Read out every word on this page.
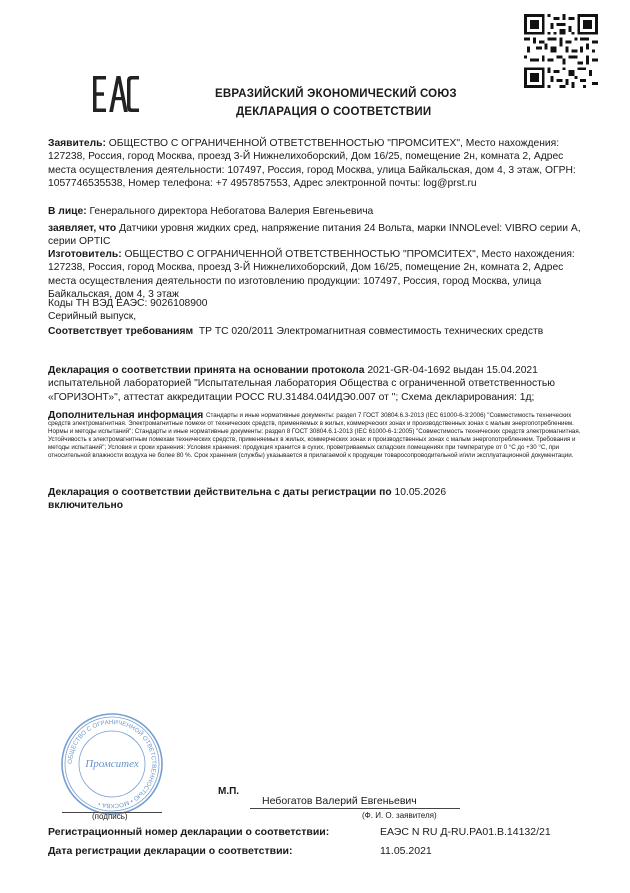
ЕВРАЗИЙСКИЙ ЭКОНОМИЧЕСКИЙ СОЮЗ
ДЕКЛАРАЦИЯ О СООТВЕТСТВИИ
Заявитель: ОБЩЕСТВО С ОГРАНИЧЕННОЙ ОТВЕТСТВЕННОСТЬЮ "ПРОМСИТЕХ", Место нахождения: 127238, Россия, город Москва, проезд 3-Й Нижнелихоборский, Дом 16/25, помещение 2н, комната 2, Адрес места осуществления деятельности: 107497, Россия, город Москва, улица Байкальская, дом 4, 3 этаж, ОГРН: 1057746535538, Номер телефона: +7 4957857553, Адрес электронной почты: log@prst.ru
В лице: Генерального директора Небогатова Валерия Евгеньевича
заявляет, что Датчики уровня жидких сред, напряжение питания 24 Вольта, марки INNOLevel: VIBRO серии А, серии OPTIC
Изготовитель: ОБЩЕСТВО С ОГРАНИЧЕННОЙ ОТВЕТСТВЕННОСТЬЮ "ПРОМСИТЕХ", Место нахождения: 127238, Россия, город Москва, проезд 3-Й Нижнелихоборский, Дом 16/25, помещение 2н, комната 2, Адрес места осуществления деятельности по изготовлению продукции: 107497, Россия, город Москва, улица Байкальская, дом 4, 3 этаж
Коды ТН ВЭД ЕАЭС: 9026108900
Серийный выпуск,
Соответствует требованиям ТР ТС 020/2011 Электромагнитная совместимость технических средств
Декларация о соответствии принята на основании протокола 2021-GR-04-1692 выдан 15.04.2021 испытательной лабораторией "Испытательная лаборатория Общества с ограниченной ответственностью «ГОРИЗОНТ»", аттестат аккредитации РОСС RU.31484.04ИДЭ0.007 от "; Схема декларирования: 1д;
Дополнительная информация Стандарты и иные нормативные документы: раздел 7 ГОСТ 30804.6.3-2013 (IEC 61000-6-3:2006) "Совместимость технических средств электромагнитная. Электромагнитные помехи от технических средств, применяемых в жилых, коммерческих зонах и производственных зонах с малым энергопотреблением. Нормы и методы испытаний"; Стандарты и иные нормативные документы: раздел 8 ГОСТ 30804.6.1-2013 (IEC 61000-6-1:2005) "Совместимость технических средств электромагнитная. Устойчивость к электромагнитным помехам технических средств, применяемых в жилых, коммерческих зонах и производственных зонах с малым энергопотреблением. Требования и методы испытаний"; Условия и сроки хранения: Условия хранения: продукция хранится в сухих, проветриваемых складских помещениях при температуре от 0 °С до +30 °С, при относительной влажности воздуха не более 80 %. Срок хранения (службы) указывается в прилагаемой к продукции товаросопроводительной и/или эксплуатационной документации.
Декларация о соответствии действительна с даты регистрации по 10.05.2026
включительно
ОБЩЕСТВО С ОГРАНИЧЕННОЙ ОТВЕТСТВЕННОСТЬЮ • МОСКВА •
Промситех
М.П.
(подпись)
Небогатов Валерий Евгеньевич
(Ф. И. О. заявителя)
Регистрационный номер декларации о соответствии:	ЕАЭС N RU Д-RU.РА01.В.14132/21
Дата регистрации декларации о соответствии:	11.05.2021
